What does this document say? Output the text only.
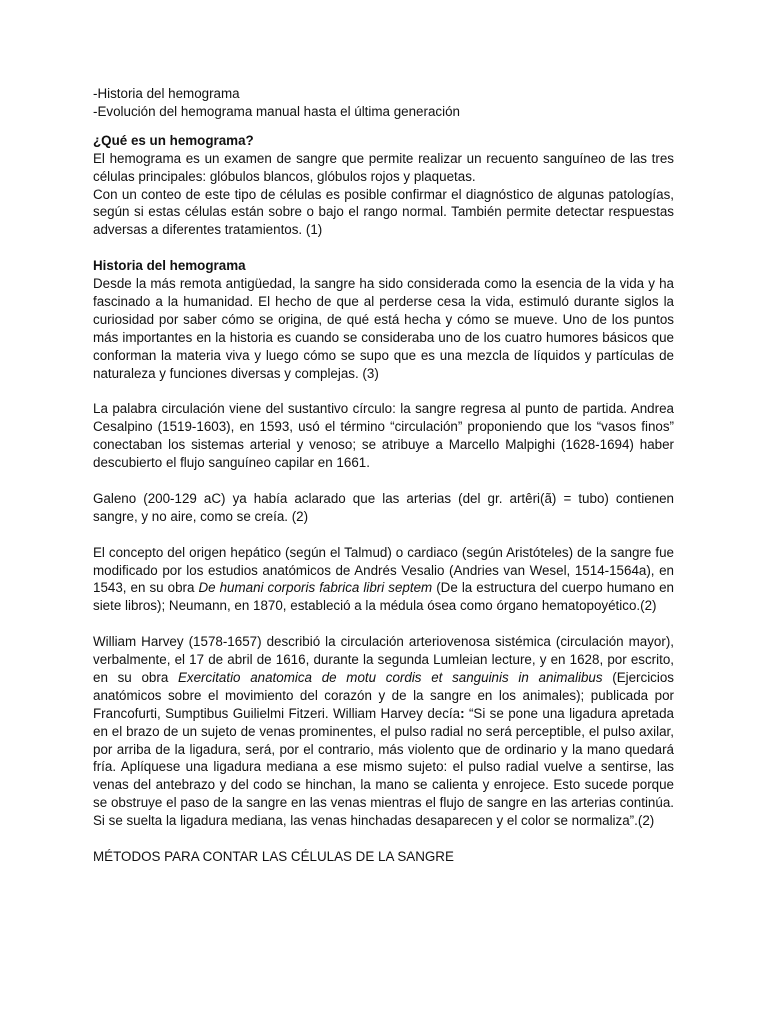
-Historia del hemograma

-Evolución del hemograma manual hasta el última generación

¿Qué es un hemograma?

El hemograma es un examen de sangre que permite realizar un recuento sanguíneo de las tres células principales: glóbulos blancos, glóbulos rojos y plaquetas.

Con un conteo de este tipo de células es posible confirmar el diagnóstico de algunas patologías, según si estas células están sobre o bajo el rango normal. También permite detectar respuestas adversas a diferentes tratamientos. (1)

Historia del hemograma

Desde la más remota antigüedad, la sangre ha sido considerada como la esencia de la vida y ha fascinado a la humanidad. El hecho de que al perderse cesa la vida, estimuló durante siglos la curiosidad por saber cómo se origina, de qué está hecha y cómo se mueve. Uno de los puntos más importantes en la historia es cuando se consideraba uno de los cuatro humores básicos que conforman la materia viva y luego cómo se supo que es una mezcla de líquidos y partículas de naturaleza y funciones diversas y complejas. (3)

La palabra circulación viene del sustantivo círculo: la sangre regresa al punto de partida. Andrea Cesalpino (1519-1603), en 1593, usó el término “circulación” proponiendo que los “vasos finos” conectaban los sistemas arterial y venoso; se atribuye a Marcello Malpighi (1628-1694) haber descubierto el flujo sanguíneo capilar en 1661.

Galeno (200-129 aC) ya había aclarado que las arterias (del gr. artêri(ã) = tubo) contienen sangre, y no aire, como se creía. (2)

El concepto del origen hepático (según el Talmud) o cardiaco (según Aristóteles) de la sangre fue modificado por los estudios anatómicos de Andrés Vesalio (Andries van Wesel, 1514-1564a), en 1543, en su obra De humani corporis fabrica libri septem (De la estructura del cuerpo humano en siete libros); Neumann, en 1870, estableció a la médula ósea como órgano hematopoyético.(2)

William Harvey (1578-1657) describió la circulación arteriovenosa sistémica (circulación mayor), verbalmente, el 17 de abril de 1616, durante la segunda Lumleian lecture, y en 1628, por escrito, en su obra Exercitatio anatomica de motu cordis et sanguinis in animalibus (Ejercicios anatómicos sobre el movimiento del corazón y de la sangre en los animales); publicada por Francofurti, Sumptibus Guilielmi Fitzeri. William Harvey decía: “Si se pone una ligadura apretada en el brazo de un sujeto de venas prominentes, el pulso radial no será perceptible, el pulso axilar, por arriba de la ligadura, será, por el contrario, más violento que de ordinario y la mano quedará fría. Aplíquese una ligadura mediana a ese mismo sujeto: el pulso radial vuelve a sentirse, las venas del antebrazo y del codo se hinchan, la mano se calienta y enrojece. Esto sucede porque se obstruye el paso de la sangre en las venas mientras el flujo de sangre en las arterias continúa. Si se suelta la ligadura mediana, las venas hinchadas desaparecen y el color se normaliza”.(2)

MÉTODOS PARA CONTAR LAS CÉLULAS DE LA SANGRE
